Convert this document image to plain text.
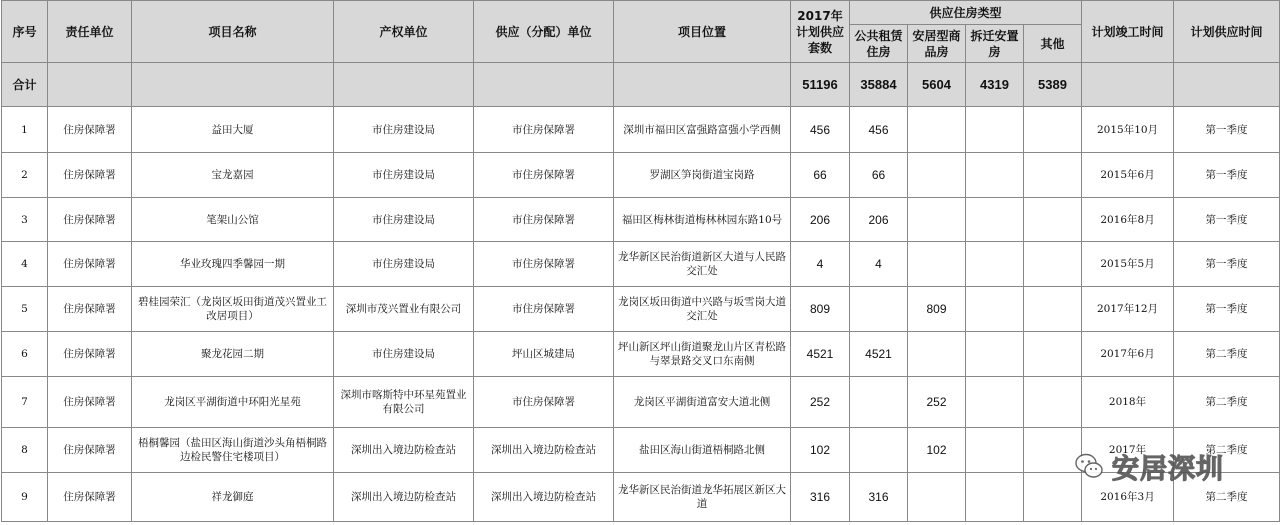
序号	责任单位	项目名称	产权单位	供应（分配）单位	项目位置	2017年计划供应套数	供应住房类型				计划竣工时间	计划供应时间
							公共租赁住房	安居型商品房	拆迁安置房	其他		
合计						51196	35884	5604	4319	5389		
1	住房保障署	益田大厦	市住房建设局	市住房保障署	深圳市福田区富强路富强小学西侧	456	456				2015年10月	第一季度
2	住房保障署	宝龙嘉园	市住房建设局	市住房保障署	罗湖区笋岗街道宝岗路	66	66				2015年6月	第一季度
3	住房保障署	笔架山公馆	市住房建设局	市住房保障署	福田区梅林街道梅林林园东路10号	206	206				2016年8月	第一季度
4	住房保障署	华业玫瑰四季馨园一期	市住房建设局	市住房保障署	龙华新区民治街道新区大道与人民路交汇处	4	4				2015年5月	第一季度
5	住房保障署	碧桂园荣汇（龙岗区坂田街道茂兴置业工改居项目）	深圳市茂兴置业有限公司	市住房保障署	龙岗区坂田街道中兴路与坂雪岗大道交汇处	809		809			2017年12月	第一季度
6	住房保障署	聚龙花园二期	市住房建设局	坪山区城建局	坪山新区坪山街道聚龙山片区青松路与翠景路交叉口东南侧	4521	4521				2017年6月	第二季度
7	住房保障署	龙岗区平湖街道中环阳光星苑	深圳市喀斯特中环星苑置业有限公司	市住房保障署	龙岗区平湖街道富安大道北侧	252		252			2018年	第二季度
8	住房保障署	梧桐馨园（盐田区海山街道沙头角梧桐路边检民警住宅楼项目）	深圳出入境边防检查站	深圳出入境边防检查站	盐田区海山街道梧桐路北侧	102		102			2017年	第二季度
9	住房保障署	祥龙御庭	深圳出入境边防检查站	深圳出入境边防检查站	龙华新区民治街道龙华拓展区新区大道	316	316				2016年3月	第二季度
安居深圳
